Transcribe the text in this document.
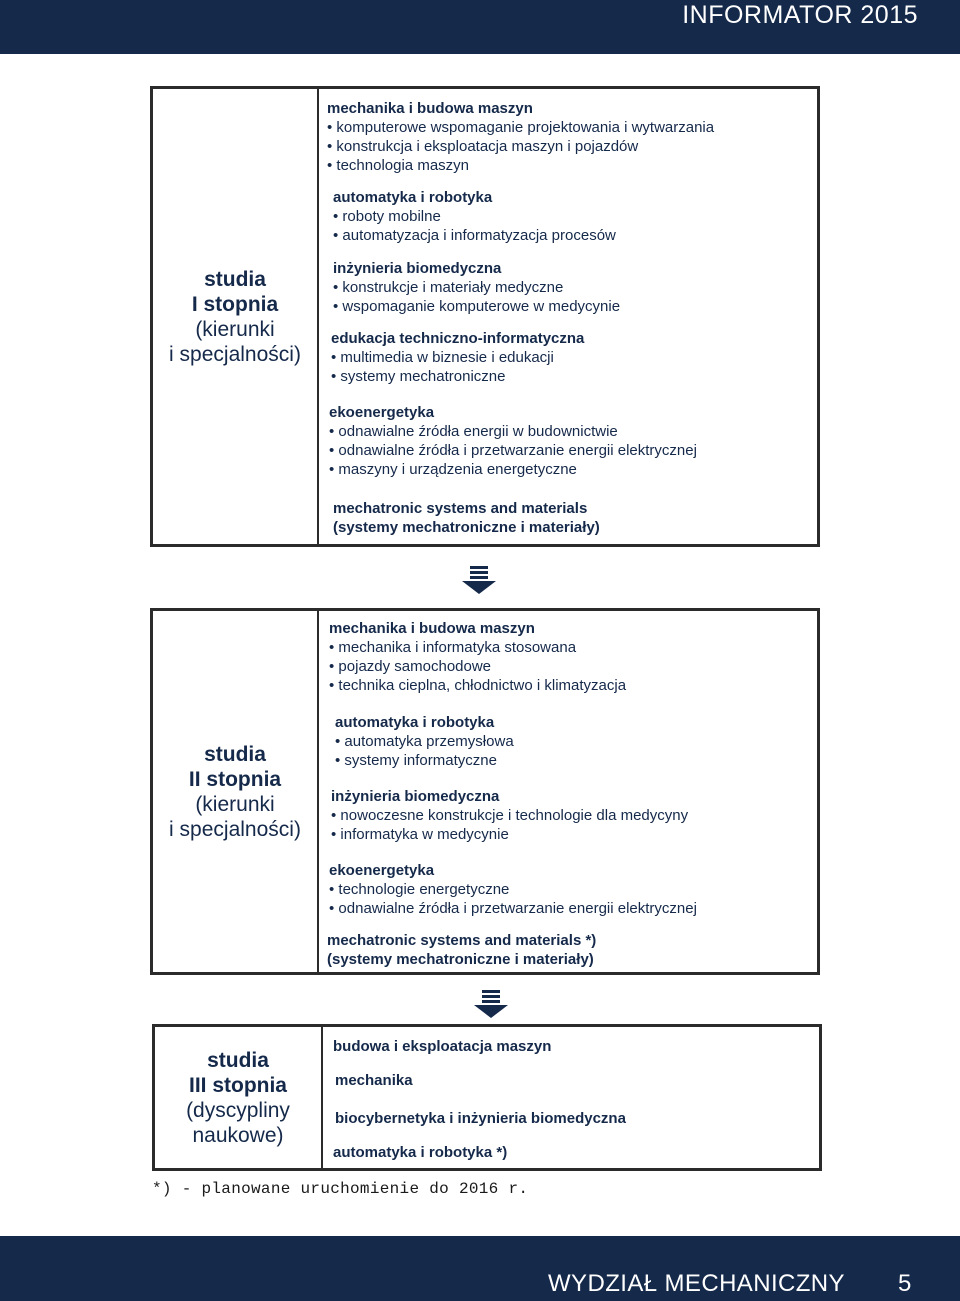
INFORMATOR 2015
studia
I stopnia
(kierunki
i specjalności)
mechanika i budowa maszyn
• komputerowe wspomaganie projektowania i wytwarzania
• konstrukcja i eksploatacja maszyn i pojazdów
• technologia maszyn
automatyka i robotyka
• roboty mobilne
• automatyzacja i informatyzacja procesów
inżynieria biomedyczna
• konstrukcje i materiały medyczne
• wspomaganie komputerowe w medycynie
edukacja techniczno-informatyczna
• multimedia w biznesie i edukacji
• systemy mechatroniczne
ekoenergetyka
• odnawialne źródła energii w budownictwie
• odnawialne źródła i przetwarzanie energii elektrycznej
• maszyny i urządzenia energetyczne
mechatronic systems and materials
(systemy mechatroniczne i materiały)
studia
II stopnia
(kierunki
i specjalności)
mechanika i budowa maszyn
• mechanika i informatyka stosowana
• pojazdy samochodowe
• technika cieplna, chłodnictwo i klimatyzacja
automatyka i robotyka
• automatyka przemysłowa
• systemy informatyczne
inżynieria biomedyczna
• nowoczesne konstrukcje i technologie dla medycyny
• informatyka w medycynie
ekoenergetyka
• technologie energetyczne
• odnawialne źródła i przetwarzanie energii elektrycznej
mechatronic systems and materials *)
(systemy mechatroniczne i materiały)
studia
III stopnia
(dyscypliny
naukowe)
budowa i eksploatacja maszyn
mechanika
biocybernetyka i inżynieria biomedyczna
automatyka i robotyka *)
*) - planowane uruchomienie do 2016 r.
WYDZIAŁ MECHANICZNY 5
